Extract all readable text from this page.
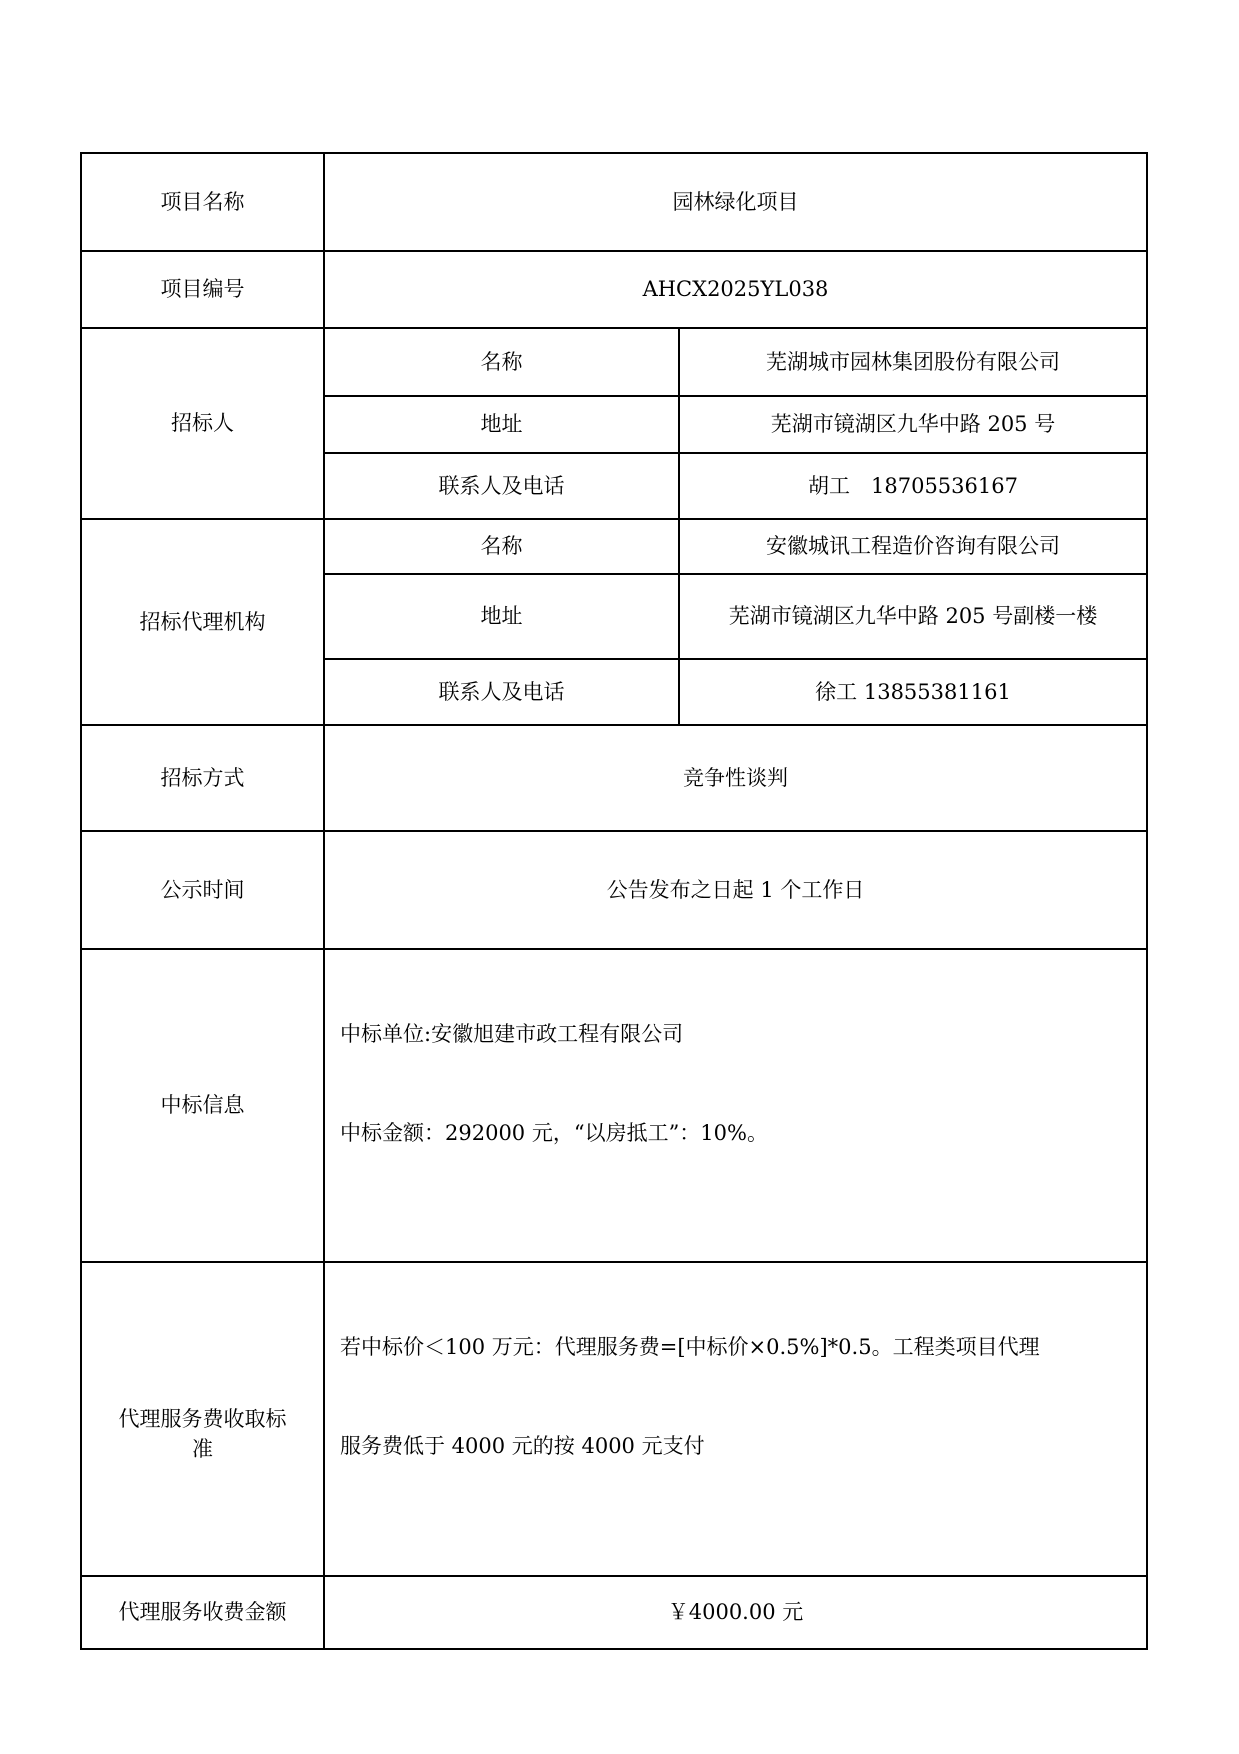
项目名称	园林绿化项目	
项目编号	AHCX2025YL038	
招标人	名称	芜湖城市园林集团股份有限公司
	地址	芜湖市镜湖区九华中路 205 号
	联系人及电话	胡工　18705536167
招标代理机构	名称	安徽城讯工程造价咨询有限公司
	地址	芜湖市镜湖区九华中路 205 号副楼一楼
	联系人及电话	徐工 13855381161
招标方式	竞争性谈判	
公示时间	公告发布之日起 1 个工作日	
中标信息	中标单位:安徽旭建市政工程有限公司

中标金额：292000 元，“以房抵工”：10%。	

代理服务费收取标准	若中标价＜100 万元：代理服务费=[中标价×0.5%]*0.5。工程类项目代理

服务费低于 4000 元的按 4000 元支付	

代理服务收费金额	￥4000.00 元	
